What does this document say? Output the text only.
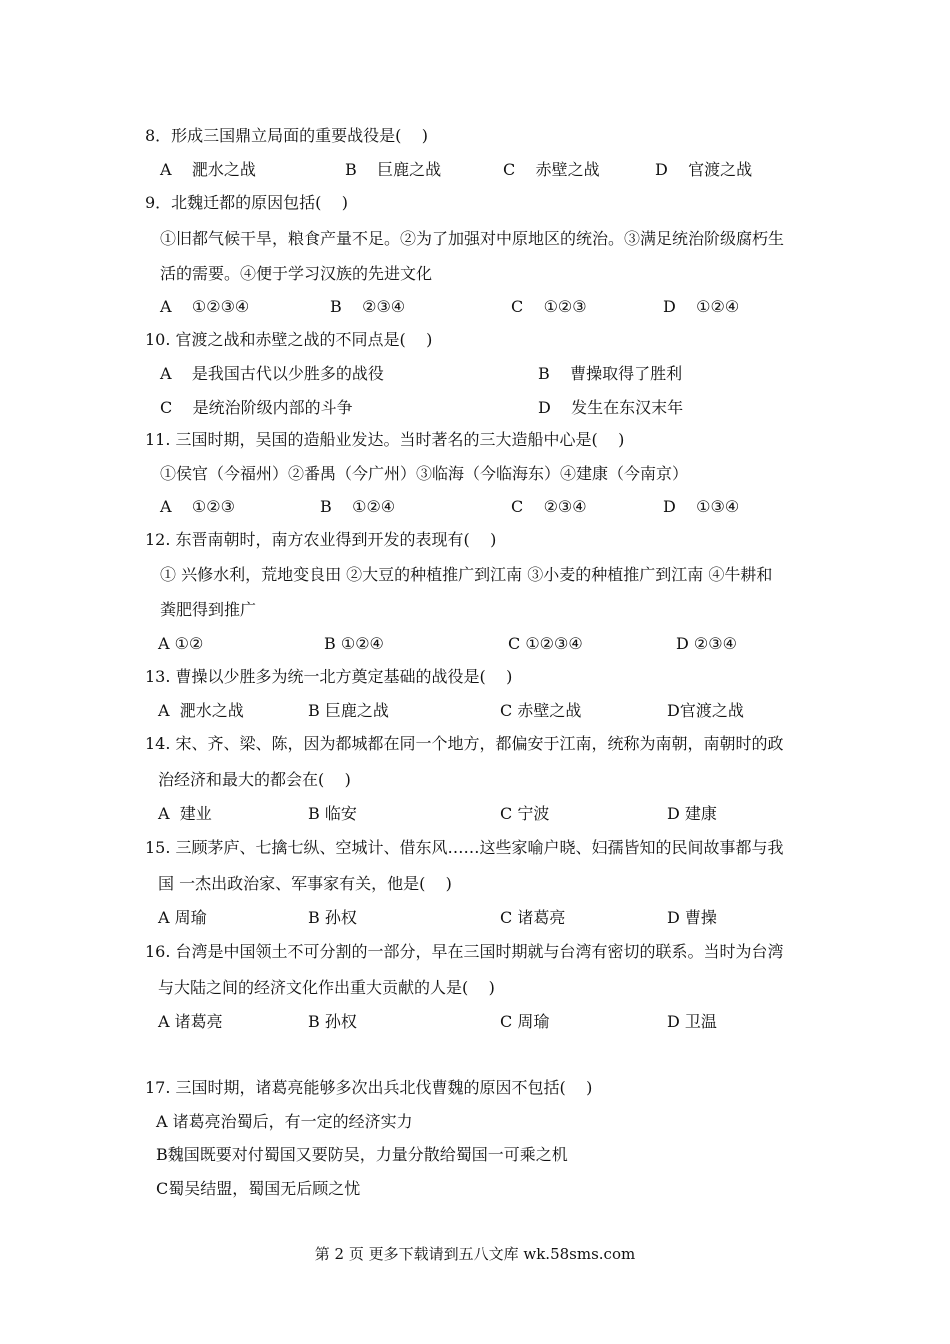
8．形成三国鼎立局面的重要战役是(    )
A    淝水之战	B    巨鹿之战	C    赤壁之战	D    官渡之战
9．北魏迁都的原因包括(    )
①旧都气候干旱，粮食产量不足。②为了加强对中原地区的统治。③满足统治阶级腐朽生
活的需要。④便于学习汉族的先进文化
A    ①②③④	B    ②③④	C    ①②③	D    ①②④
10. 官渡之战和赤壁之战的不同点是(    )
A    是我国古代以少胜多的战役	B    曹操取得了胜利
C    是统治阶级内部的斗争	D    发生在东汉末年
11. 三国时期，吴国的造船业发达。当时著名的三大造船中心是(    )
①侯官（今福州）②番禺（今广州）③临海（今临海东）④建康（今南京）
A    ①②③	B    ①②④	C    ②③④	D    ①③④
12. 东晋南朝时，南方农业得到开发的表现有(    )
① 兴修水利，荒地变良田 ②大豆的种植推广到江南 ③小麦的种植推广到江南 ④牛耕和
粪肥得到推广
A ①②	B ①②④	C ①②③④	D ②③④
13. 曹操以少胜多为统一北方奠定基础的战役是(    )
A  淝水之战	B 巨鹿之战	C 赤壁之战	D官渡之战
14. 宋、齐、梁、陈，因为都城都在同一个地方，都偏安于江南，统称为南朝，南朝时的政
治经济和最大的都会在(    )
A  建业	B 临安	C 宁波	D 建康
15. 三顾茅庐、七擒七纵、空城计、借东风……这些家喻户晓、妇孺皆知的民间故事都与我
国 一杰出政治家、军事家有关，他是(    )
A 周瑜	B 孙权	C 诸葛亮	D 曹操
16. 台湾是中国领土不可分割的一部分，早在三国时期就与台湾有密切的联系。当时为台湾
与大陆之间的经济文化作出重大贡献的人是(    )
A 诸葛亮	B 孙权	C 周瑜	D 卫温
17. 三国时期，诸葛亮能够多次出兵北伐曹魏的原因不包括(    )
A 诸葛亮治蜀后，有一定的经济实力
B魏国既要对付蜀国又要防吴，力量分散给蜀国一可乘之机
C蜀吴结盟，蜀国无后顾之忧
第 2 页 更多下载请到五八文库 wk.58sms.com
